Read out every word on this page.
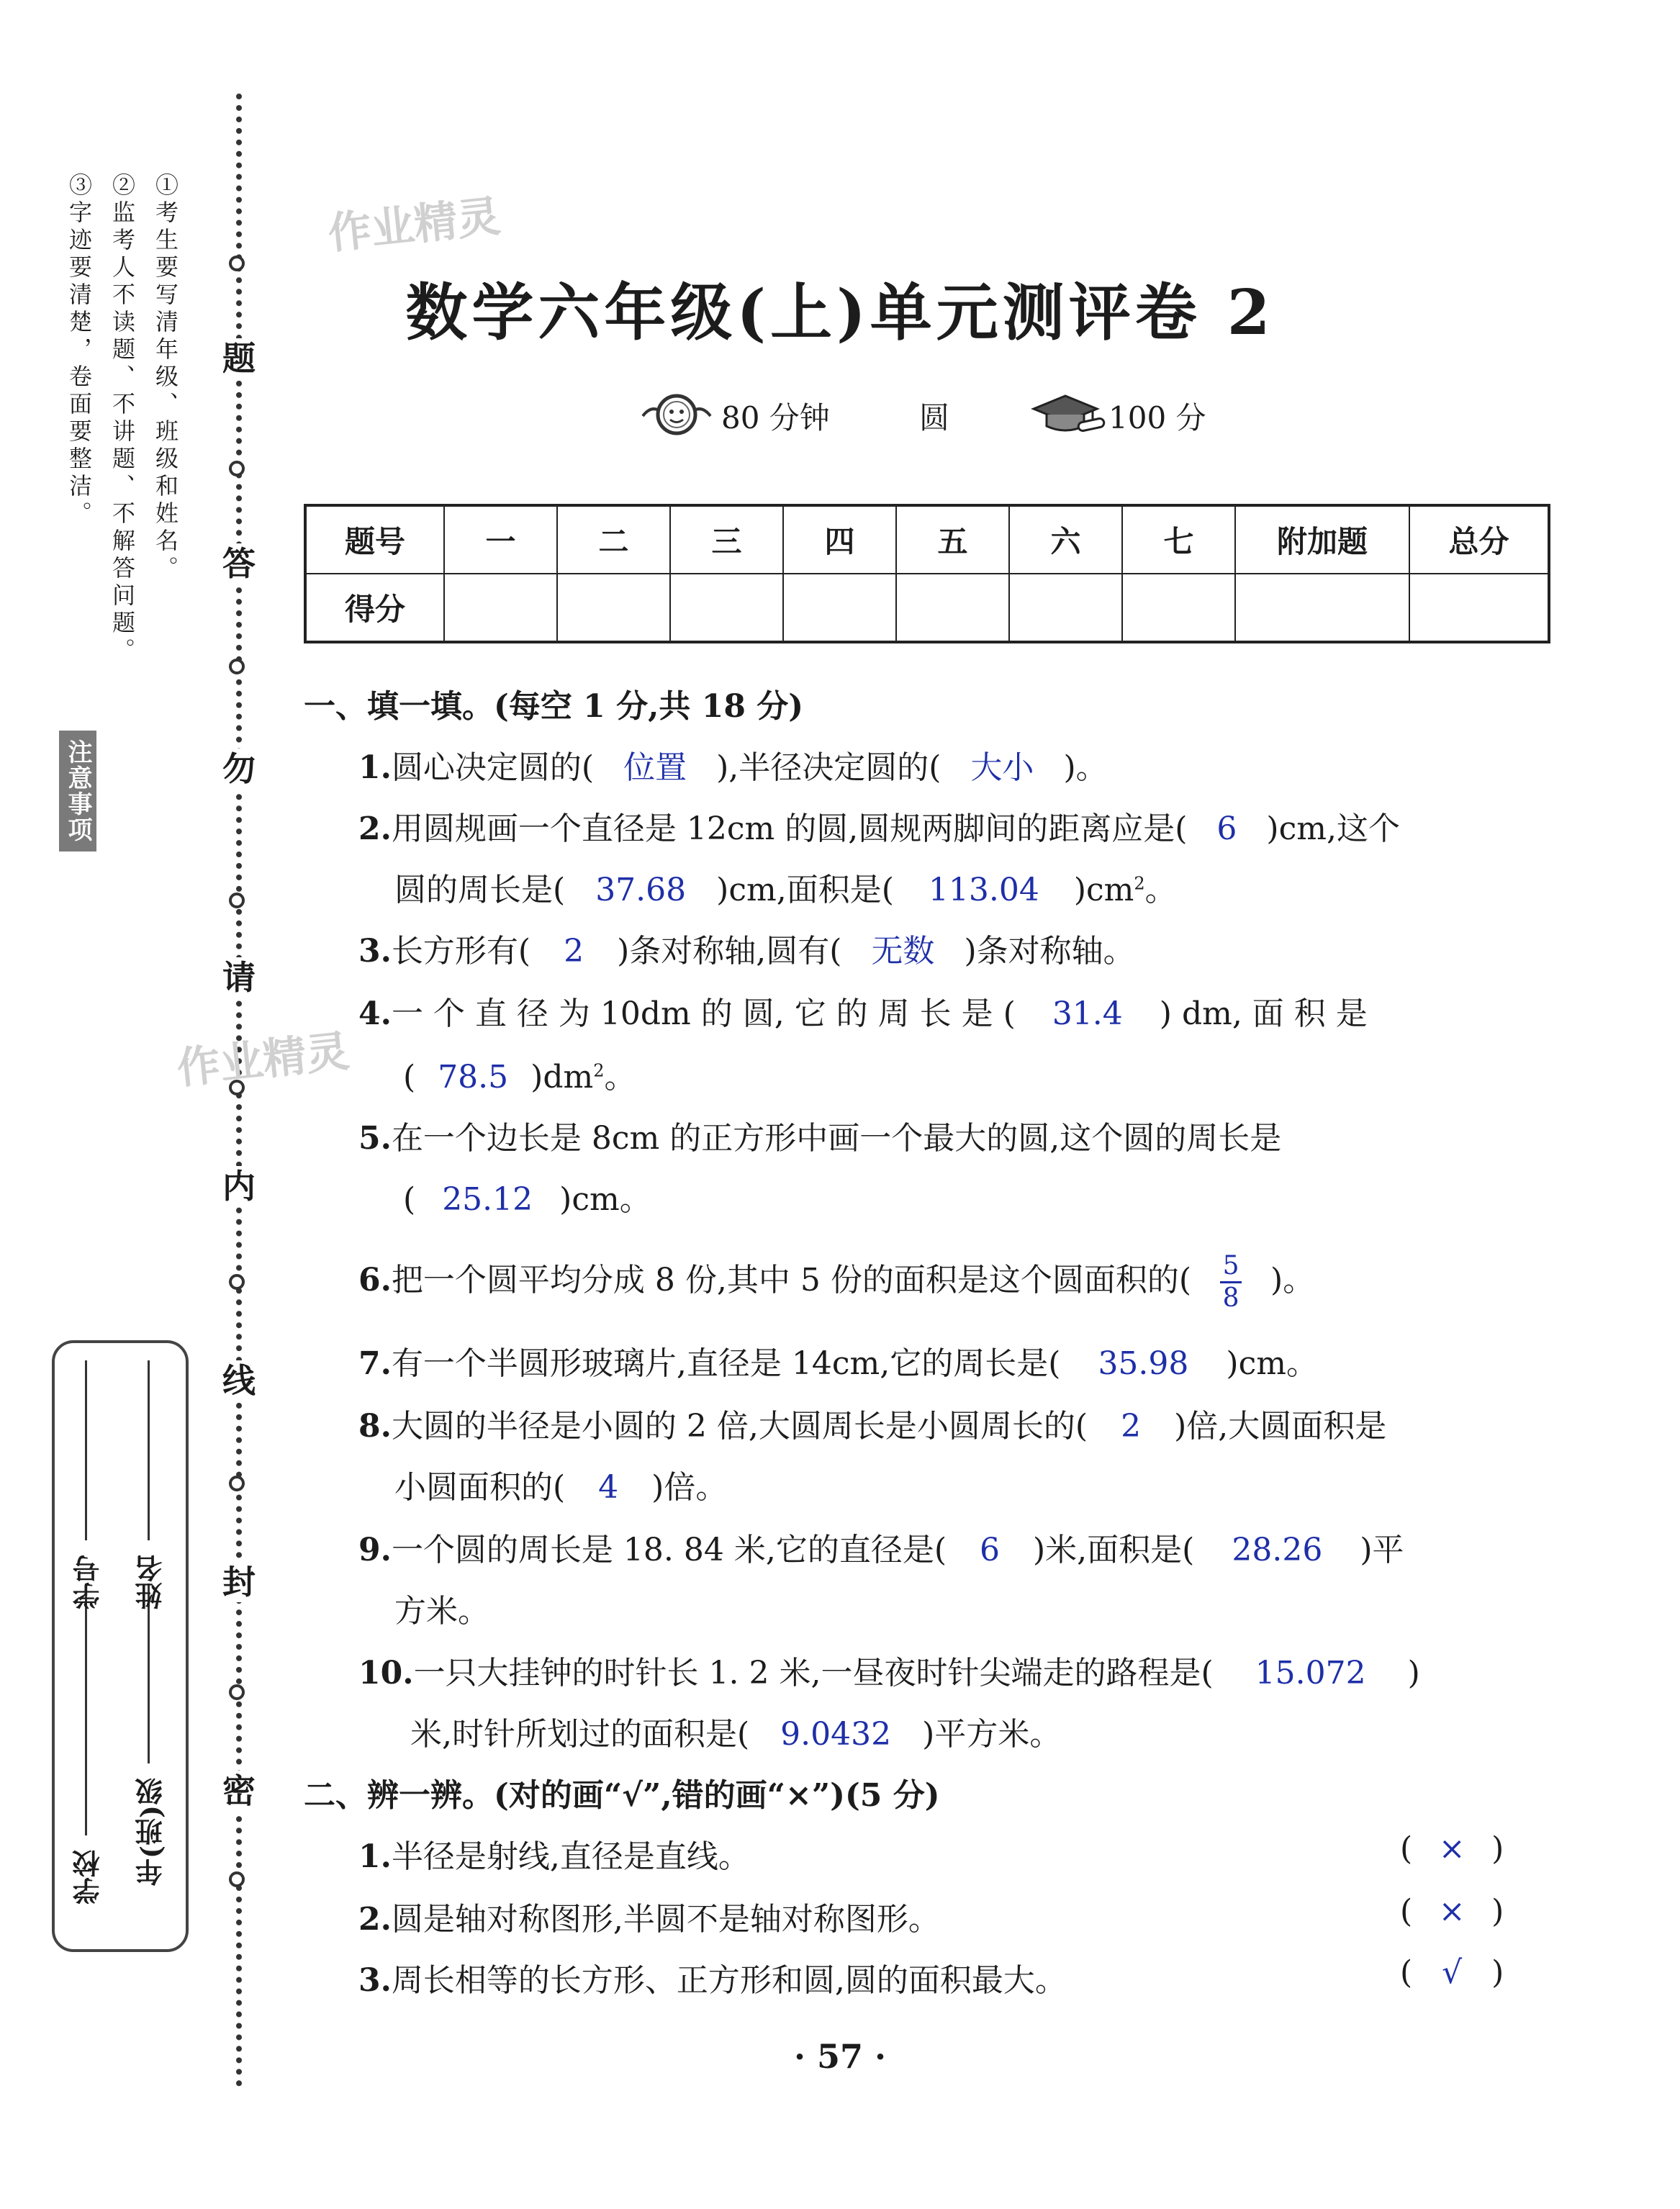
题
答
勿
请
内
线
封
密
注意事项
①考生要写清年级、班级和姓名。
②监考人不读题、不讲题、不解答问题。
③字迹要清楚，卷面要整洁。
学校 年(班)级
学号 姓名
作业精灵
作业精灵
数学六年级(上)单元测评卷 2
80 分钟	圆	100 分
题号	一	二	三	四	五	六	七	附加题	总分
得分									
一、填一填。(每空 1 分,共 18 分)
1.圆心决定圆的( 位置 ),半径决定圆的( 大小 )。
2.用圆规画一个直径是 12cm 的圆,圆规两脚间的距离应是( 6 )cm,这个
圆的周长是( 37.68 )cm,面积是( 113.04 )$cm^2$。
3.长方形有( 2 )条对称轴,圆有( 无数 )条对称轴。
4.一 个 直 径 为 10dm 的 圆, 它 的 周 长 是 ( 31.4 ) dm, 面 积 是
( 78.5 )$dm^2$。
5.在一个边长是 8cm 的正方形中画一个最大的圆,这个圆的周长是
( 25.12 )cm。
6.把一个圆平均分成 8 份,其中 5 份的面积是这个圆面积的( $\frac{5}{8}$ )。
7.有一个半圆形玻璃片,直径是 14cm,它的周长是( 35.98 )cm。
8.大圆的半径是小圆的 2 倍,大圆周长是小圆周长的( 2 )倍,大圆面积是
小圆面积的( 4 )倍。
9.一个圆的周长是 18. 84 米,它的直径是( 6 )米,面积是( 28.26 )平
方米。
10.一只大挂钟的时针长 1. 2 米,一昼夜时针尖端走的路程是( 15.072 )
米,时针所划过的面积是( 9.0432 )平方米。
二、辨一辨。(对的画“√”,错的画“×”)(5 分)
1.半径是射线,直径是直线。	( × )
2.圆是轴对称图形,半圆不是轴对称图形。	( × )
3.周长相等的长方形、正方形和圆,圆的面积最大。	( √ )
· 57 ·
